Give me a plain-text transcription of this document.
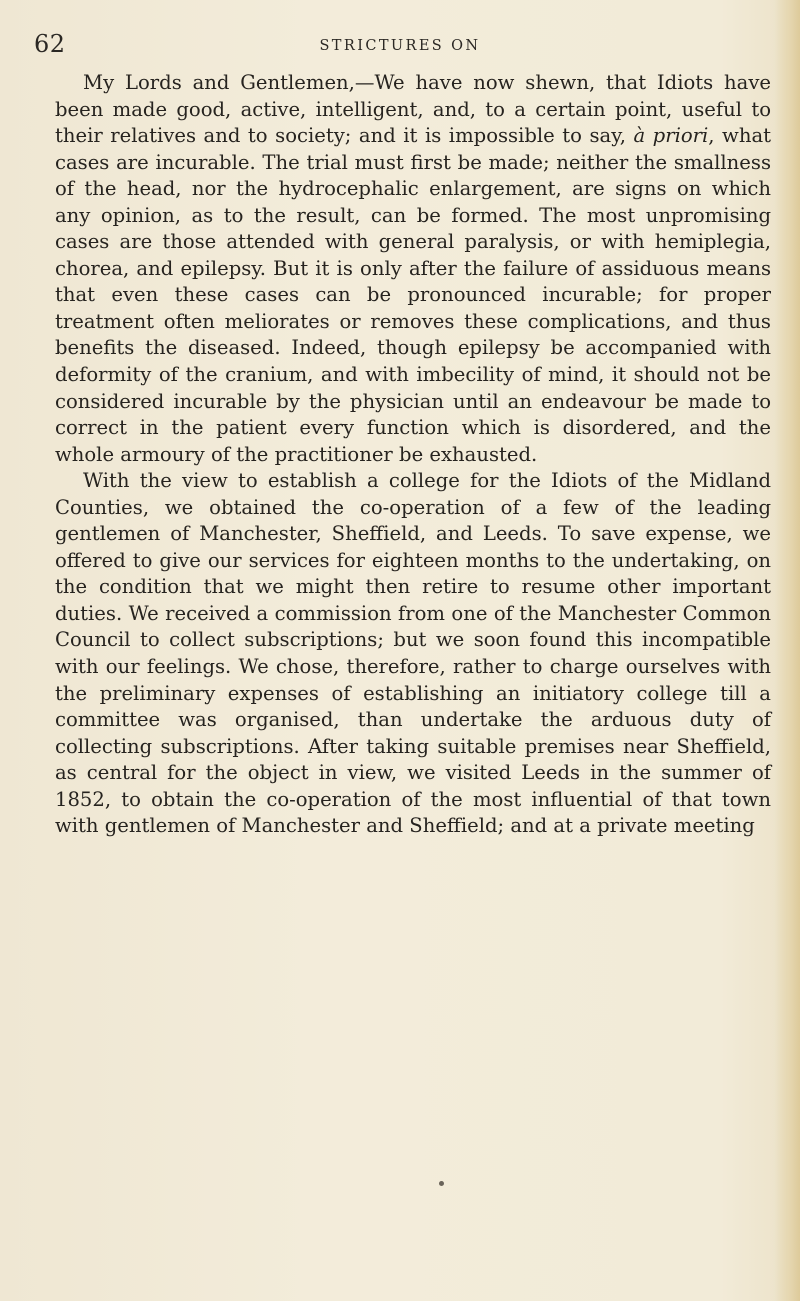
62	STRICTURES ON

My Lords and Gentlemen,—We have now shewn, that Idiots have been made good, active, intelligent, and, to a certain point, useful to their relatives and to society; and it is impossible to say, à priori, what cases are incurable. The trial must first be made; neither the smallness of the head, nor the hydrocephalic enlargement, are signs on which any opinion, as to the result, can be formed. The most unpromising cases are those attended with general paralysis, or with hemiplegia, chorea, and epilepsy. But it is only after the failure of assiduous means that even these cases can be pronounced incurable; for proper treatment often meliorates or removes these complications, and thus benefits the diseased. Indeed, though epilepsy be accompanied with deformity of the cranium, and with imbecility of mind, it should not be considered incurable by the physician until an endeavour be made to correct in the patient every function which is disordered, and the whole armoury of the practitioner be exhausted.

With the view to establish a college for the Idiots of the Midland Counties, we obtained the co-operation of a few of the leading gentlemen of Manchester, Sheffield, and Leeds. To save expense, we offered to give our services for eighteen months to the undertaking, on the condition that we might then retire to resume other important duties. We received a commission from one of the Manchester Common Council to collect subscriptions; but we soon found this incompatible with our feelings. We chose, therefore, rather to charge ourselves with the preliminary expenses of establishing an initiatory college till a committee was organised, than undertake the arduous duty of collecting subscriptions. After taking suitable premises near Sheffield, as central for the object in view, we visited Leeds in the summer of 1852, to obtain the co-operation of the most influential of that town with gentlemen of Manchester and Sheffield; and at a private meeting
